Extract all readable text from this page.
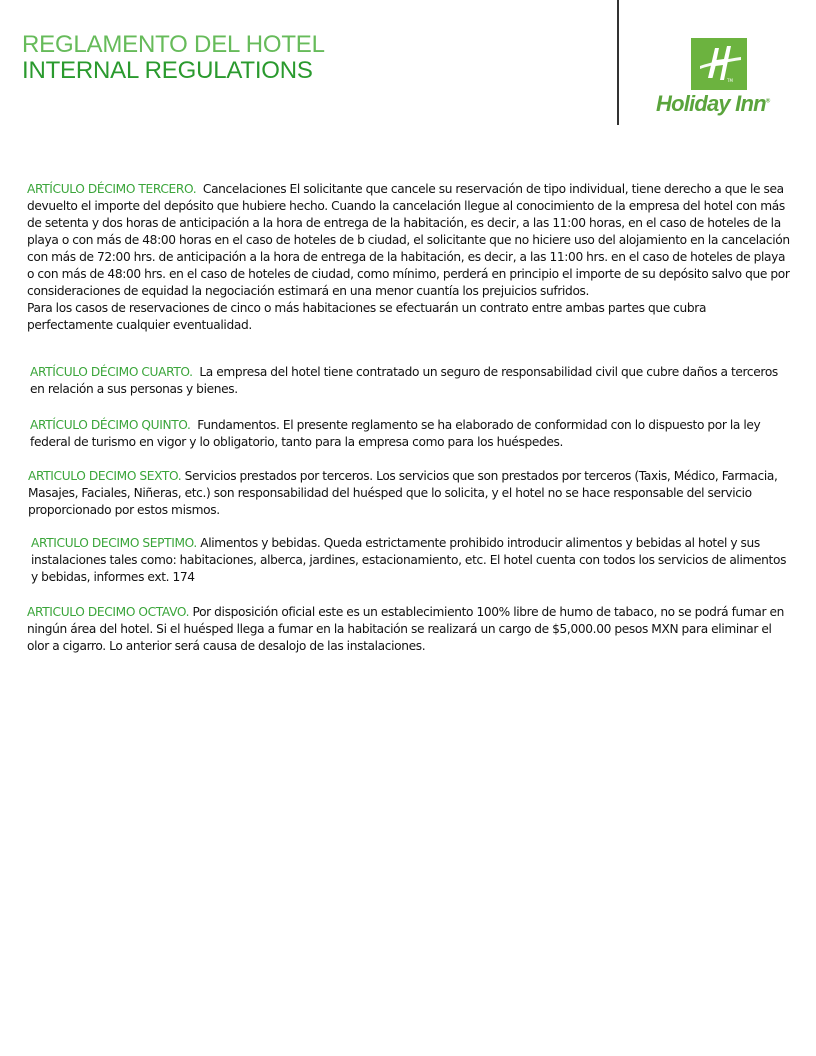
REGLAMENTO DEL HOTEL
INTERNAL REGULATIONS	TM
Holiday Inn®
ARTÍCULO DÉCIMO TERCERO. Cancelaciones El solicitante que cancele su reservación de tipo individual, tiene derecho a que le sea devuelto el importe del depósito que hubiere hecho. Cuando la cancelación llegue al conocimiento de la empresa del hotel con más de setenta y dos horas de anticipación a la hora de entrega de la habitación, es decir, a las 11:00 horas, en el caso de hoteles de la playa o con más de 48:00 horas en el caso de hoteles de b ciudad, el solicitante que no hiciere uso del alojamiento en la cancelación con más de 72:00 hrs. de anticipación a la hora de entrega de la habitación, es decir, a las 11:00 hrs. en el caso de hoteles de playa o con más de 48:00 hrs. en el caso de hoteles de ciudad, como mínimo, perderá en principio el importe de su depósito salvo que por consideraciones de equidad la negociación estimará en una menor cuantía los prejuicios sufridos.
Para los casos de reservaciones de cinco o más habitaciones se efectuarán un contrato entre ambas partes que cubra perfectamente cualquier eventualidad.
ARTÍCULO DÉCIMO CUARTO. La empresa del hotel tiene contratado un seguro de responsabilidad civil que cubre daños a terceros en relación a sus personas y bienes.
ARTÍCULO DÉCIMO QUINTO. Fundamentos. El presente reglamento se ha elaborado de conformidad con lo dispuesto por la ley federal de turismo en vigor y lo obligatorio, tanto para la empresa como para los huéspedes.
ARTICULO DECIMO SEXTO. Servicios prestados por terceros. Los servicios que son prestados por terceros (Taxis, Médico, Farmacia, Masajes, Faciales, Niñeras, etc.) son responsabilidad del huésped que lo solicita, y el hotel no se hace responsable del servicio proporcionado por estos mismos.
ARTICULO DECIMO SEPTIMO. Alimentos y bebidas. Queda estrictamente prohibido introducir alimentos y bebidas al hotel y sus instalaciones tales como: habitaciones, alberca, jardines, estacionamiento, etc. El hotel cuenta con todos los servicios de alimentos y bebidas, informes ext. 174
ARTICULO DECIMO OCTAVO. Por disposición oficial este es un establecimiento 100% libre de humo de tabaco, no se podrá fumar en ningún área del hotel. Si el huésped llega a fumar en la habitación se realizará un cargo de $5,000.00 pesos MXN para eliminar el olor a cigarro. Lo anterior será causa de desalojo de las instalaciones.
